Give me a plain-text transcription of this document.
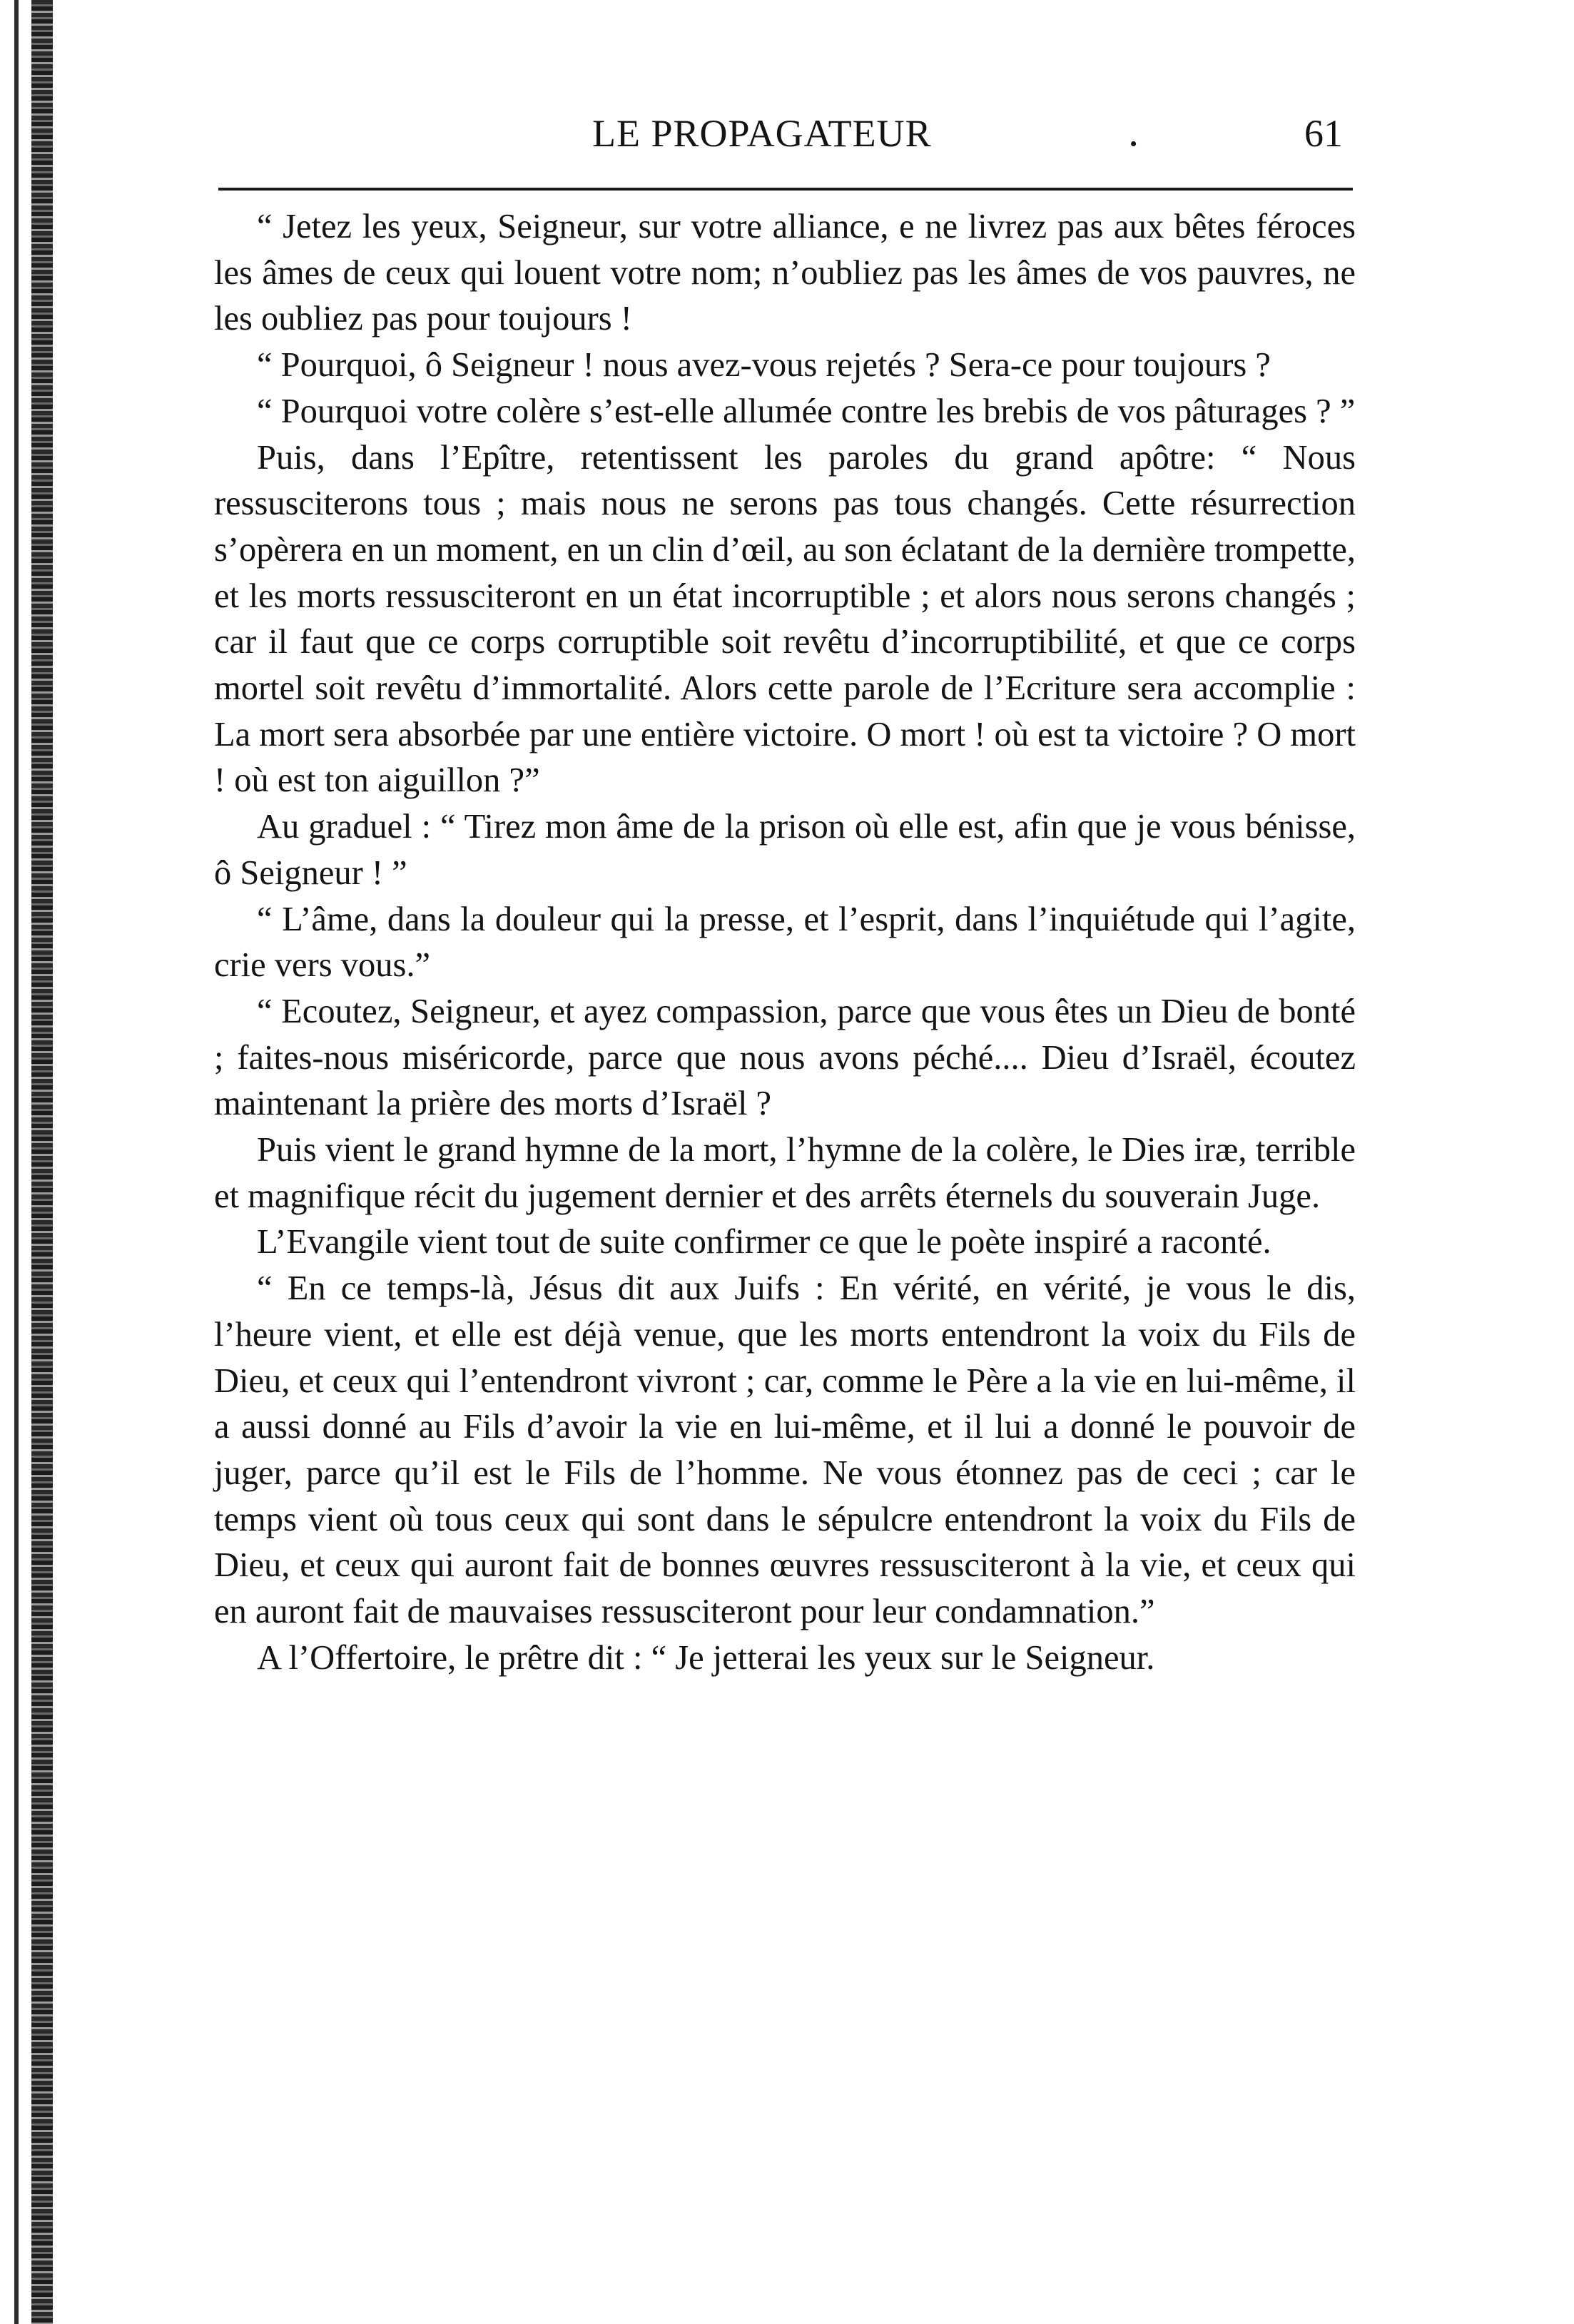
LE PROPAGATEUR	.	61

“ Jetez les yeux, Seigneur, sur votre alliance, e ne livrez pas aux bêtes féroces les âmes de ceux qui louent votre nom; n’oubliez pas les âmes de vos pauvres, ne les oubliez pas pour toujours !

“ Pourquoi, ô Seigneur ! nous avez-vous rejetés ? Sera-ce pour toujours ?

“ Pourquoi votre colère s’est-elle allumée contre les brebis de vos pâturages ? ”

Puis, dans l’Epître, retentissent les paroles du grand apôtre: “ Nous ressusciterons tous ; mais nous ne serons pas tous changés. Cette résurrection s’opèrera en un moment, en un clin d’œil, au son éclatant de la dernière trompette, et les morts ressusciteront en un état incorruptible ; et alors nous serons changés ; car il faut que ce corps corruptible soit revêtu d’incorruptibilité, et que ce corps mortel soit revêtu d’immortalité. Alors cette parole de l’Ecriture sera accomplie : La mort sera absorbée par une entière victoire. O mort ! où est ta victoire ? O mort ! où est ton aiguillon ?”

Au graduel : “ Tirez mon âme de la prison où elle est, afin que je vous bénisse, ô Seigneur ! ”

“ L’âme, dans la douleur qui la presse, et l’esprit, dans l’inquiétude qui l’agite, crie vers vous.”

“ Ecoutez, Seigneur, et ayez compassion, parce que vous êtes un Dieu de bonté ; faites-nous miséricorde, parce que nous avons péché.... Dieu d’Israël, écoutez maintenant la prière des morts d’Israël ?

Puis vient le grand hymne de la mort, l’hymne de la colère, le Dies iræ, terrible et magnifique récit du jugement dernier et des arrêts éternels du souverain Juge.

L’Evangile vient tout de suite confirmer ce que le poète inspiré a raconté.

“ En ce temps-là, Jésus dit aux Juifs : En vérité, en vérité, je vous le dis, l’heure vient, et elle est déjà venue, que les morts entendront la voix du Fils de Dieu, et ceux qui l’entendront vivront ; car, comme le Père a la vie en lui-même, il a aussi donné au Fils d’avoir la vie en lui-même, et il lui a donné le pouvoir de juger, parce qu’il est le Fils de l’homme. Ne vous étonnez pas de ceci ; car le temps vient où tous ceux qui sont dans le sépulcre entendront la voix du Fils de Dieu, et ceux qui auront fait de bonnes œuvres ressusciteront à la vie, et ceux qui en auront fait de mauvaises ressusciteront pour leur condamnation.”

A l’Offertoire, le prêtre dit : “ Je jetterai les yeux sur le Seigneur.
